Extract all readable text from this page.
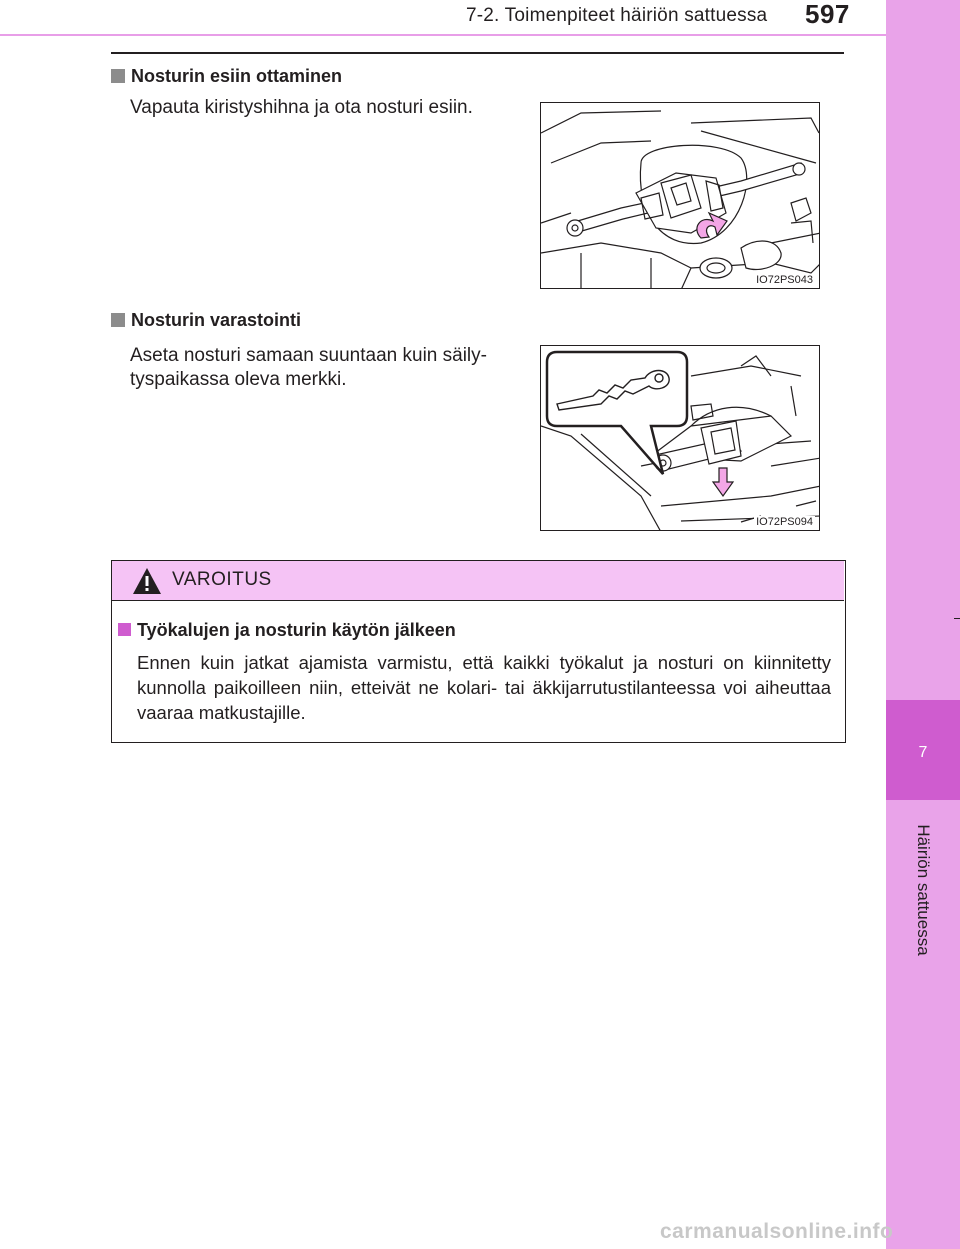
7-2. Toimenpiteet häiriön sattuessa 597
7
Häiriön sattuessa
Nosturin esiin ottaminen
Vapauta kiristyshihna ja ota nosturi esiin.
IO72PS043
Nosturin varastointi
Aseta nosturi samaan suuntaan kuin säily-tyspaikassa oleva merkki.
IO72PS094
VAROITUS
Työkalujen ja nosturin käytön jälkeen
Ennen kuin jatkat ajamista varmistu, että kaikki työkalut ja nosturi on kiinnitetty kunnolla paikoilleen niin, etteivät ne kolari- tai äkkijarrutustilanteessa voi aiheuttaa vaaraa matkustajille.
carmanualsonline.info
